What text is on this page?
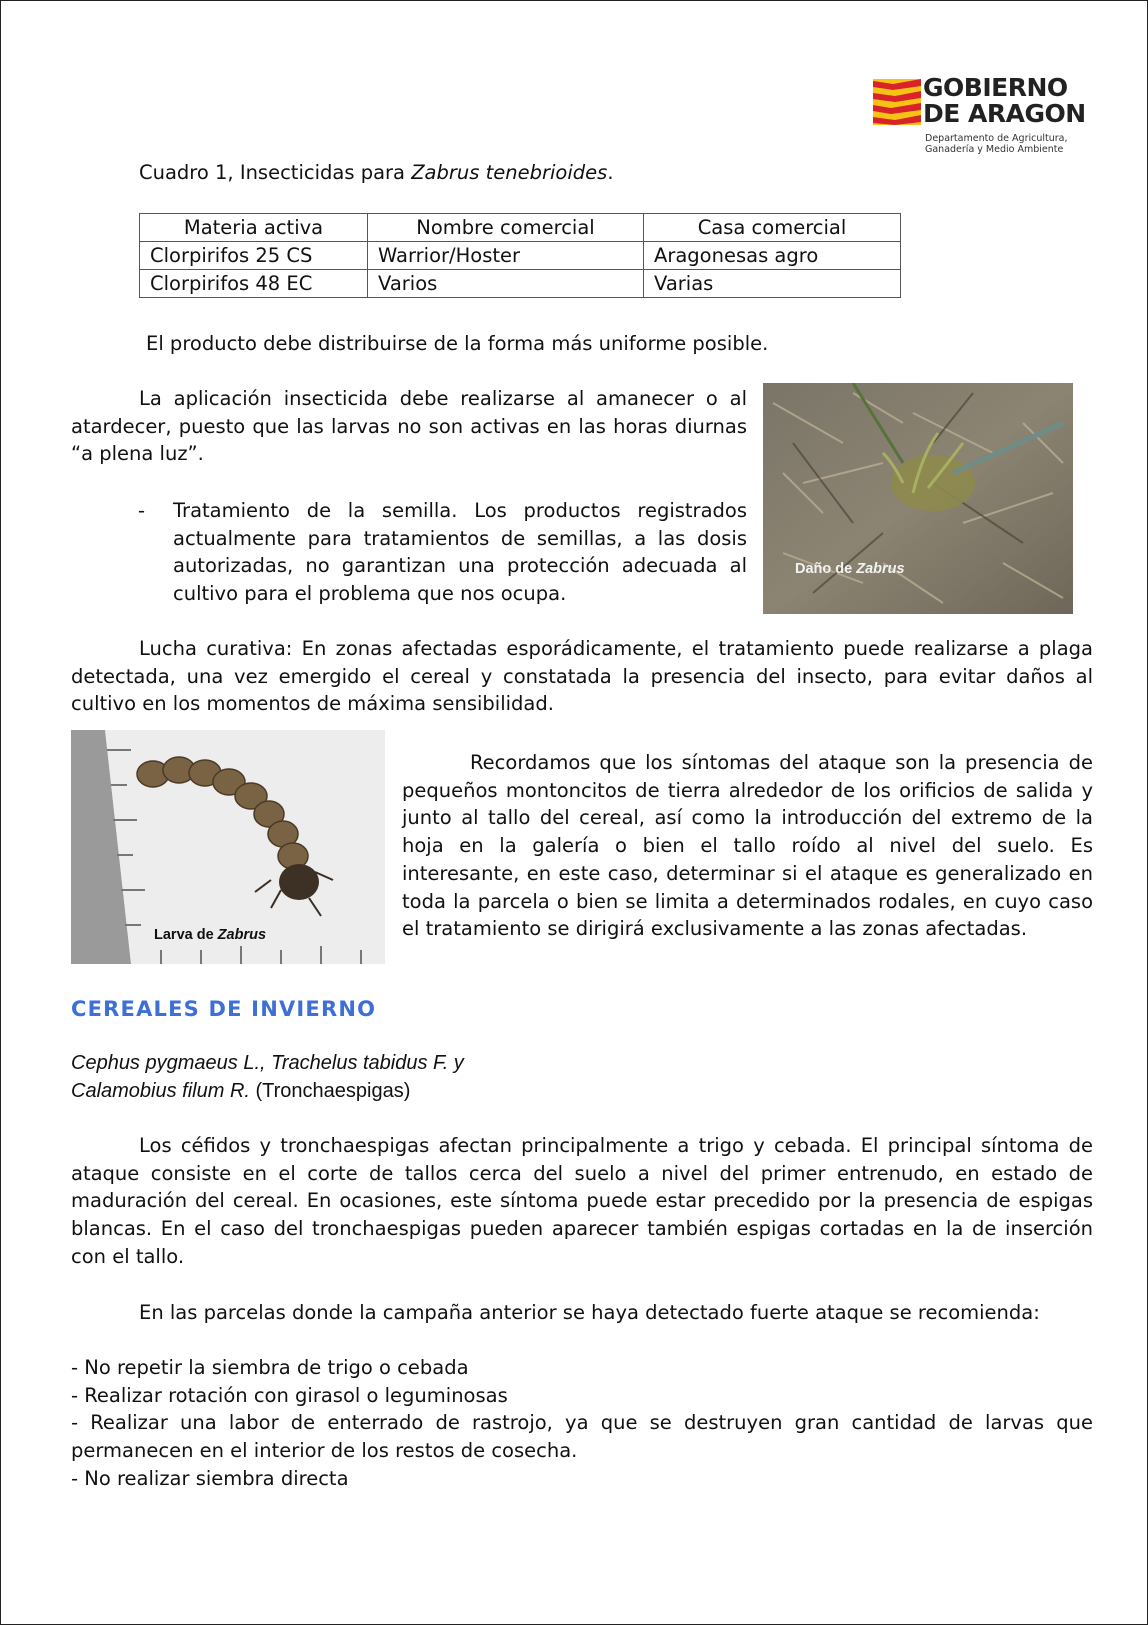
GOBIERNO
DE ARAGON
Departamento de Agricultura,
Ganadería y Medio Ambiente
Cuadro 1, Insecticidas para Zabrus tenebrioides.
Materia activa	Nombre comercial	Casa comercial
Clorpirifos 25 CS	Warrior/Hoster	Aragonesas agro
Clorpirifos 48 EC	Varios	Varias

El producto debe distribuirse de la forma más uniforme posible.

La aplicación insecticida debe realizarse al amanecer o al atardecer, puesto que las larvas no son activas en las horas diurnas “a plena luz”.

- Tratamiento de la semilla. Los productos registrados actualmente para tratamientos de semillas, a las dosis autorizadas, no garantizan una protección adecuada al cultivo para el problema que nos ocupa.

Daño de Zabrus

Lucha curativa: En zonas afectadas esporádicamente, el tratamiento puede realizarse a plaga detectada, una vez emergido el cereal y constatada la presencia del insecto, para evitar daños al cultivo en los momentos de máxima sensibilidad.

Larva de Zabrus

Recordamos que los síntomas del ataque son la presencia de pequeños montoncitos de tierra alrededor de los orificios de salida y junto al tallo del cereal, así como la introducción del extremo de la hoja en la galería o bien el tallo roído al nivel del suelo. Es interesante, en este caso, determinar si el ataque es generalizado en toda la parcela o bien se limita a determinados rodales, en cuyo caso el tratamiento se dirigirá exclusivamente a las zonas afectadas.

CEREALES DE INVIERNO
Cephus pygmaeus L., Trachelus tabidus F. y
Calamobius filum R. (Tronchaespigas)

Los céfidos y tronchaespigas afectan principalmente a trigo y cebada. El principal síntoma de ataque consiste en el corte de tallos cerca del suelo a nivel del primer entrenudo, en estado de maduración del cereal. En ocasiones, este síntoma puede estar precedido por la presencia de espigas blancas. En el caso del tronchaespigas pueden aparecer también espigas cortadas en la de inserción con el tallo.

En las parcelas donde la campaña anterior se haya detectado fuerte ataque se recomienda:

- No repetir la siembra de trigo o cebada

- Realizar rotación con girasol o leguminosas

- Realizar una labor de enterrado de rastrojo, ya que se destruyen gran cantidad de larvas que permanecen en el interior de los restos de cosecha.

- No realizar siembra directa
